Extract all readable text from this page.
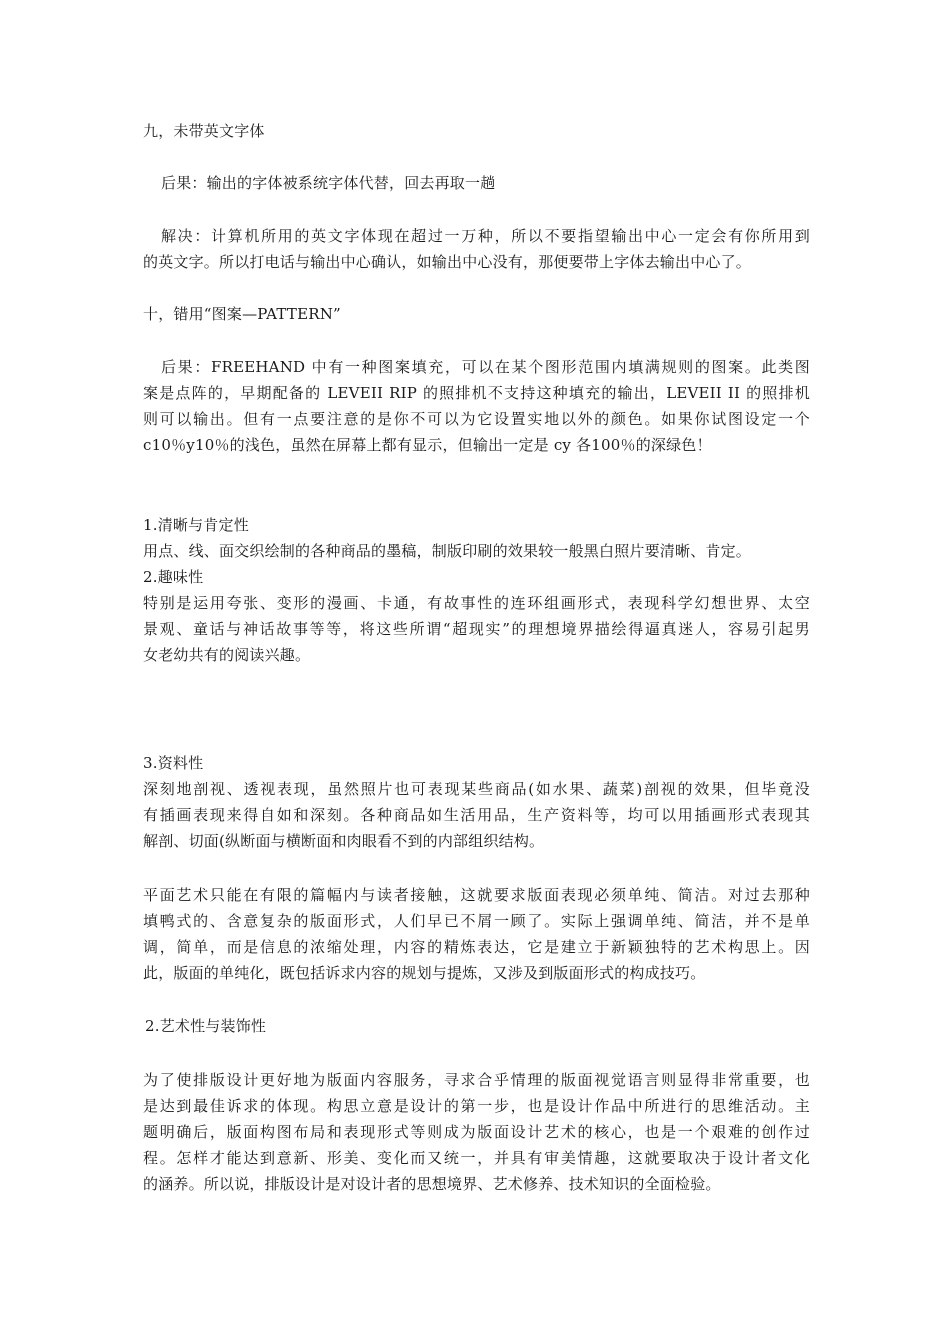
九，未带英文字体
后果：输出的字体被系统字体代替，回去再取一趟
解决：计算机所用的英文字体现在超过一万种，所以不要指望输出中心一定会有你所用到
的英文字。所以打电话与输出中心确认，如输出中心没有，那便要带上字体去输出中心了。
十，错用“图案—PATTERN”
后果：FREEHAND 中有一种图案填充，可以在某个图形范围内填满规则的图案。此类图
案是点阵的，早期配备的 LEVEII RIP 的照排机不支持这种填充的输出，LEVEII II 的照排机
则可以输出。但有一点要注意的是你不可以为它设置实地以外的颜色。如果你试图设定一个
c10％y10％的浅色，虽然在屏幕上都有显示，但输出一定是 cy 各100％的深绿色！
1.清晰与肯定性
用点、线、面交织绘制的各种商品的墨稿，制版印刷的效果较一般黑白照片要清晰、肯定。
2.趣味性
特别是运用夸张、变形的漫画、卡通，有故事性的连环组画形式，表现科学幻想世界、太空
景观、童话与神话故事等等，将这些所谓“超现实”的理想境界描绘得逼真迷人，容易引起男
女老幼共有的阅读兴趣。
3.资料性
深刻地剖视、透视表现，虽然照片也可表现某些商品(如水果、蔬菜)剖视的效果，但毕竟没
有插画表现来得自如和深刻。各种商品如生活用品，生产资料等，均可以用插画形式表现其
解剖、切面(纵断面与横断面和肉眼看不到的内部组织结构。
平面艺术只能在有限的篇幅内与读者接触，这就要求版面表现必须单纯、简洁。对过去那种
填鸭式的、含意复杂的版面形式，人们早已不屑一顾了。实际上强调单纯、简洁，并不是单
调，简单，而是信息的浓缩处理，内容的精炼表达，它是建立于新颖独特的艺术构思上。因
此，版面的单纯化，既包括诉求内容的规划与提炼，又涉及到版面形式的构成技巧。
2.艺术性与装饰性
为了使排版设计更好地为版面内容服务，寻求合乎情理的版面视觉语言则显得非常重要，也
是达到最佳诉求的体现。构思立意是设计的第一步，也是设计作品中所进行的思维活动。主
题明确后，版面构图布局和表现形式等则成为版面设计艺术的核心，也是一个艰难的创作过
程。怎样才能达到意新、形美、变化而又统一，并具有审美情趣，这就要取决于设计者文化
的涵养。所以说，排版设计是对设计者的思想境界、艺术修养、技术知识的全面检验。
